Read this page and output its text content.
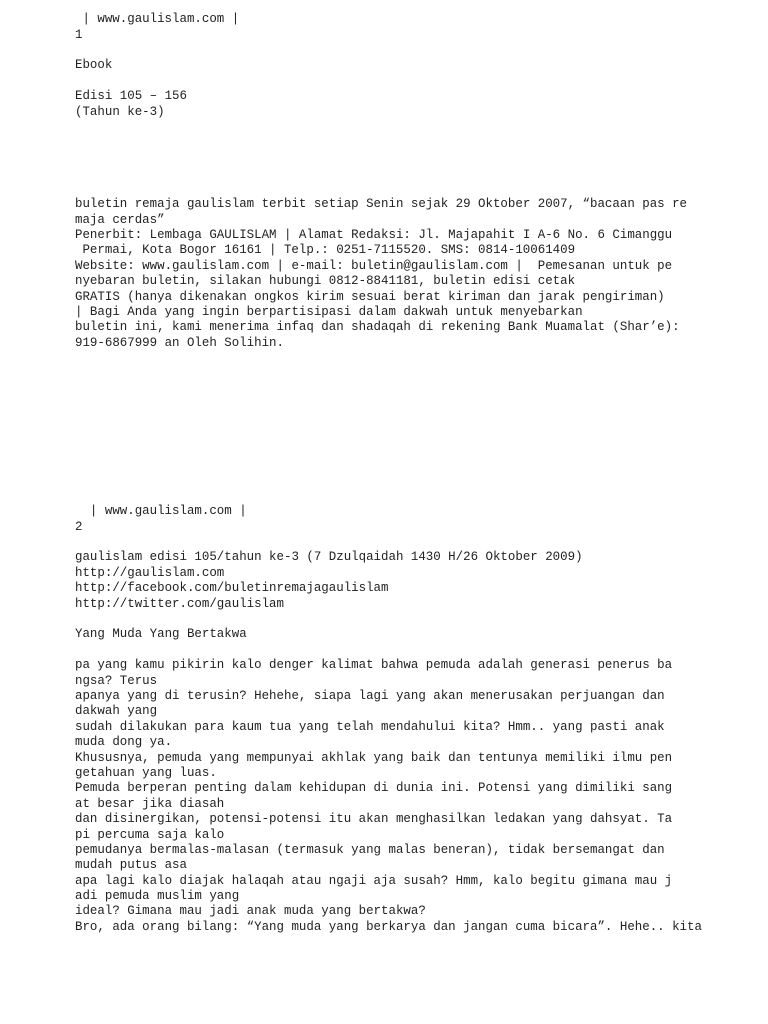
| www.gaulislam.com |
1
Ebook
Edisi 105 – 156
(Tahun ke-3)
buletin remaja gaulislam terbit setiap Senin sejak 29 Oktober 2007, “bacaan pas re
maja cerdas”
Penerbit: Lembaga GAULISLAM | Alamat Redaksi: Jl. Majapahit I A-6 No. 6 Cimanggu
Permai, Kota Bogor 16161 | Telp.: 0251-7115520. SMS: 0814-10061409
Website: www.gaulislam.com | e-mail: buletin@gaulislam.com |  Pemesanan untuk pe
nyebaran buletin, silakan hubungi 0812-8841181, buletin edisi cetak
GRATIS (hanya dikenakan ongkos kirim sesuai berat kiriman dan jarak pengiriman)
| Bagi Anda yang ingin berpartisipasi dalam dakwah untuk menyebarkan
buletin ini, kami menerima infaq dan shadaqah di rekening Bank Muamalat (Shar’e):
919-6867999 an Oleh Solihin.
| www.gaulislam.com |
2
gaulislam edisi 105/tahun ke-3 (7 Dzulqaidah 1430 H/26 Oktober 2009)
http://gaulislam.com
http://facebook.com/buletinremajagaulislam
http://twitter.com/gaulislam
Yang Muda Yang Bertakwa
pa yang kamu pikirin kalo denger kalimat bahwa pemuda adalah generasi penerus ba
ngsa? Terus
apanya yang di terusin? Hehehe, siapa lagi yang akan menerusakan perjuangan dan
dakwah yang
sudah dilakukan para kaum tua yang telah mendahului kita? Hmm.. yang pasti anak
muda dong ya.
Khususnya, pemuda yang mempunyai akhlak yang baik dan tentunya memiliki ilmu pen
getahuan yang luas.
Pemuda berperan penting dalam kehidupan di dunia ini. Potensi yang dimiliki sang
at besar jika diasah
dan disinergikan, potensi-potensi itu akan menghasilkan ledakan yang dahsyat. Ta
pi percuma saja kalo
pemudanya bermalas-malasan (termasuk yang malas beneran), tidak bersemangat dan
mudah putus asa
apa lagi kalo diajak halaqah atau ngaji aja susah? Hmm, kalo begitu gimana mau j
adi pemuda muslim yang
ideal? Gimana mau jadi anak muda yang bertakwa?
Bro, ada orang bilang: “Yang muda yang berkarya dan jangan cuma bicara”. Hehe.. kita
